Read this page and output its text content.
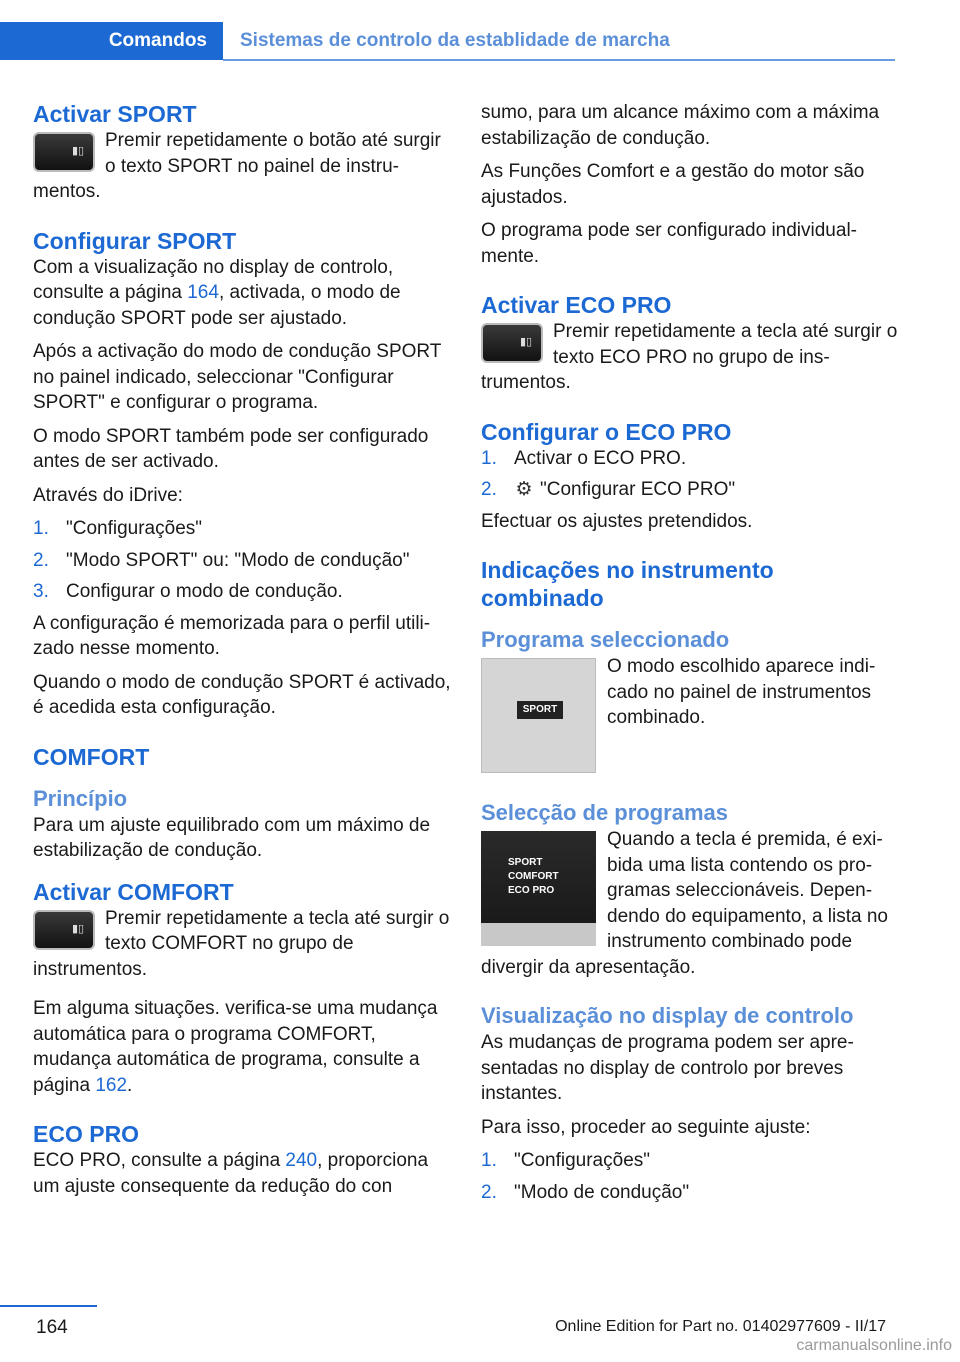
Comandos Sistemas de controlo da establidade de marcha
Activar SPORT
▮▯	Premir repetidamente o botão até surgir o texto SPORT no painel de instrumentos.

Configurar SPORT

Com a visualização no display de controlo, consulte a página 164, activada, o modo de condução SPORT pode ser ajustado.

Após a activação do modo de condução SPORT no painel indicado, seleccionar "Configurar SPORT" e configurar o programa.

O modo SPORT também pode ser configurado antes de ser activado.

Através do iDrive:

1. "Configurações"
2. "Modo SPORT" ou: "Modo de condução"
3. Configurar o modo de condução.

A configuração é memorizada para o perfil utilizado nesse momento.

Quando o modo de condução SPORT é activado, é acedida esta configuração.

COMFORT
Princípio

Para um ajuste equilibrado com um máximo de estabilização de condução.

Activar COMFORT
▮▯	Premir repetidamente a tecla até surgir o texto COMFORT no grupo de instrumentos.

Em alguma situações. verifica-se uma mudança automática para o programa COMFORT, mudança automática de programa, consulte a página 162.

ECO PRO

ECO PRO, consulte a página 240, proporciona um ajuste consequente da redução do con

sumo, para um alcance máximo com a máxima estabilização de condução.

As Funções Comfort e a gestão do motor são ajustados.

O programa pode ser configurado individualmente.

Activar ECO PRO
▮▯	Premir repetidamente a tecla até surgir o texto ECO PRO no grupo de instrumentos.

Configurar o ECO PRO
1. Activar o ECO PRO.
2. ⚙ "Configurar ECO PRO"

Efectuar os ajustes pretendidos.

Indicações no instrumento combinado
Programa seleccionado
SPORT

O modo escolhido aparece indicado no painel de instrumentos combinado.

Selecção de programas
SPORT
COMFORT
ECO PRO

Quando a tecla é premida, é exibida uma lista contendo os programas seleccionáveis. Dependendo do equipamento, a lista no instrumento combinado pode divergir da apresentação.

Visualização no display de controlo

As mudanças de programa podem ser apresentadas no display de controlo por breves instantes.

Para isso, proceder ao seguinte ajuste:

1. "Configurações"
2. "Modo de condução"
164	Online Edition for Part no. 01402977609 - II/17
carmanualsonline.info
